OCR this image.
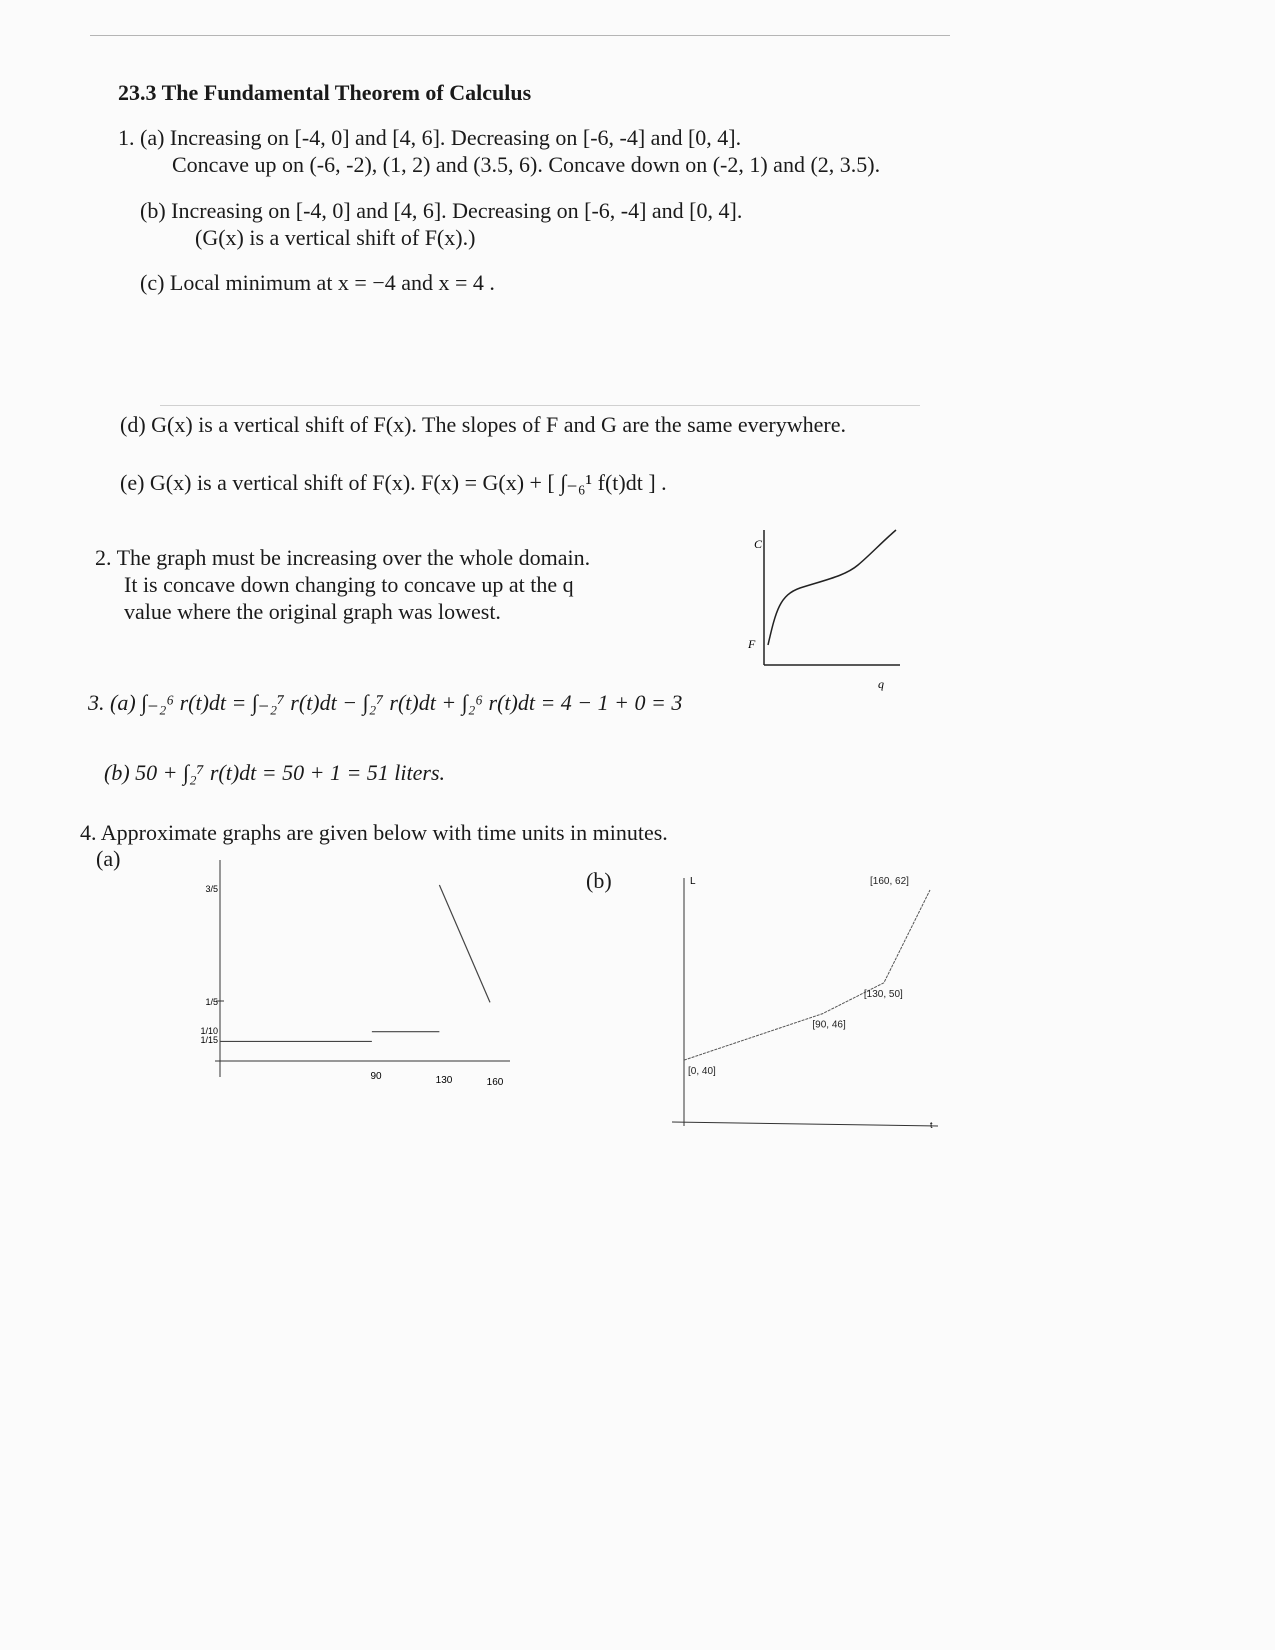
23.3 The Fundamental Theorem of Calculus
1. (a) Increasing on [-4, 0] and [4, 6]. Decreasing on [-6, -4] and [0, 4].
Concave up on (-6, -2), (1, 2) and (3.5, 6). Concave down on (-2, 1) and (2, 3.5).
(b) Increasing on [-4, 0] and [4, 6]. Decreasing on [-6, -4] and [0, 4].
(G(x) is a vertical shift of F(x).)
(c) Local minimum at x = −4 and x = 4 .
(d) G(x) is a vertical shift of F(x). The slopes of F and G are the same everywhere.
(e) G(x) is a vertical shift of F(x). F(x) = G(x) + [ ∫₋₆¹ f(t)dt ] .
2. The graph must be increasing over the whole domain.
It is concave down changing to concave up at the q
value where the original graph was lowest.
C
F
q
3. (a) ∫₋₂⁶ r(t)dt = ∫₋₂⁷ r(t)dt − ∫₂⁷ r(t)dt + ∫₂⁶ r(t)dt = 4 − 1 + 0 = 3
(b) 50 + ∫₂⁷ r(t)dt = 50 + 1 = 51 liters.
4. Approximate graphs are given below with time units in minutes.
(a)
(b)
3/5
1/5
1/10
1/15
90	130	160
L
t
[0, 40]
[90, 46]
[130, 50]
[160, 62]
